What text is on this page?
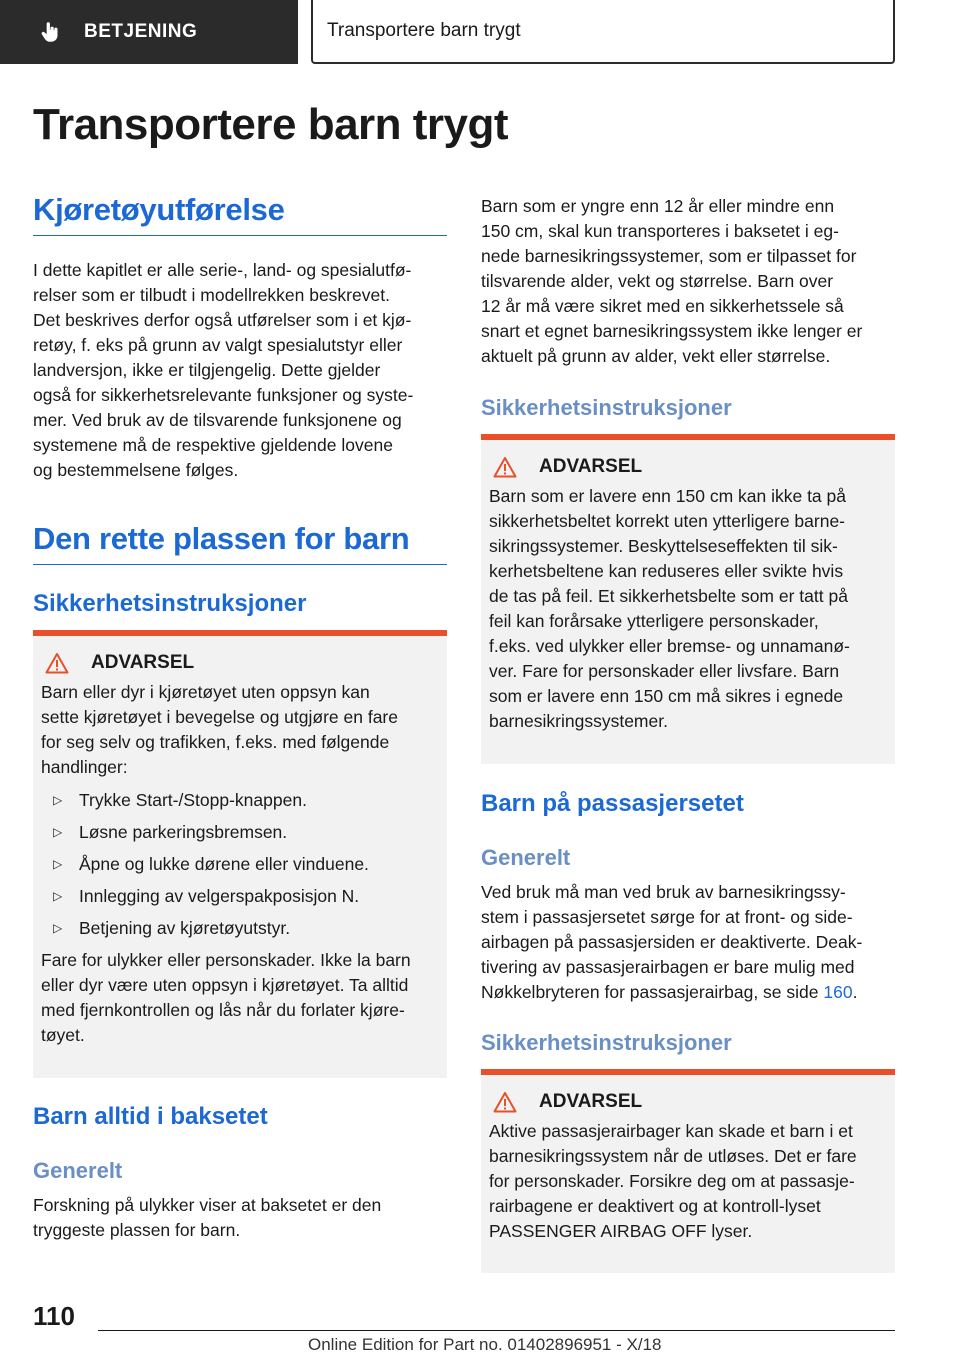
BETJENING	Transportere barn trygt
Transportere barn trygt
Kjøretøyutførelse

I dette kapitlet er alle serie-, land- og spesialutfø-
relser som er tilbudt i modellrekken beskrevet.
Det beskrives derfor også utførelser som i et kjø-
retøy, f. eks på grunn av valgt spesialutstyr eller
landversjon, ikke er tilgjengelig. Dette gjelder
også for sikkerhetsrelevante funksjoner og syste-
mer. Ved bruk av de tilsvarende funksjonene og
systemene må de respektive gjeldende lovene
og bestemmelsene følges.

Den rette plassen for barn
Sikkerhetsinstruksjoner
ADVARSEL

Barn eller dyr i kjøretøyet uten oppsyn kan
sette kjøretøyet i bevegelse og utgjøre en fare
for seg selv og trafikken, f.eks. med følgende
handlinger:

▷ Trykke Start-/Stopp-knappen.
▷ Løsne parkeringsbremsen.
▷ Åpne og lukke dørene eller vinduene.
▷ Innlegging av velgerspakposisjon N.
▷ Betjening av kjøretøyutstyr.

Fare for ulykker eller personskader. Ikke la barn
eller dyr være uten oppsyn i kjøretøyet. Ta alltid
med fjernkontrollen og lås når du forlater kjøre-
tøyet.

Barn alltid i baksetet
Generelt

Forskning på ulykker viser at baksetet er den
tryggeste plassen for barn.

Barn som er yngre enn 12 år eller mindre enn
150 cm, skal kun transporteres i baksetet i eg-
nede barnesikringssystemer, som er tilpasset for
tilsvarende alder, vekt og størrelse. Barn over
12 år må være sikret med en sikkerhetssele så
snart et egnet barnesikringssystem ikke lenger er
aktuelt på grunn av alder, vekt eller størrelse.

Sikkerhetsinstruksjoner
ADVARSEL

Barn som er lavere enn 150 cm kan ikke ta på
sikkerhetsbeltet korrekt uten ytterligere barne-
sikringssystemer. Beskyttelseseffekten til sik-
kerhetsbeltene kan reduseres eller svikte hvis
de tas på feil. Et sikkerhetsbelte som er tatt på
feil kan forårsake ytterligere personskader,
f.eks. ved ulykker eller bremse- og unnamanø-
ver. Fare for personskader eller livsfare. Barn
som er lavere enn 150 cm må sikres i egnede
barnesikringssystemer.

Barn på passasjersetet
Generelt

Ved bruk må man ved bruk av barnesikringssy-
stem i passasjersetet sørge for at front- og side-
airbagen på passasjersiden er deaktiverte. Deak-
tivering av passasjerairbagen er bare mulig med
Nøkkelbryteren for passasjerairbag, se side 160.

Sikkerhetsinstruksjoner
ADVARSEL

Aktive passasjerairbager kan skade et barn i et
barnesikringssystem når de utløses. Det er fare
for personskader. Forsikre deg om at passasje-
rairbagene er deaktivert og at kontroll-lyset
PASSENGER AIRBAG OFF lyser.

110
Online Edition for Part no. 01402896951 - X/18
